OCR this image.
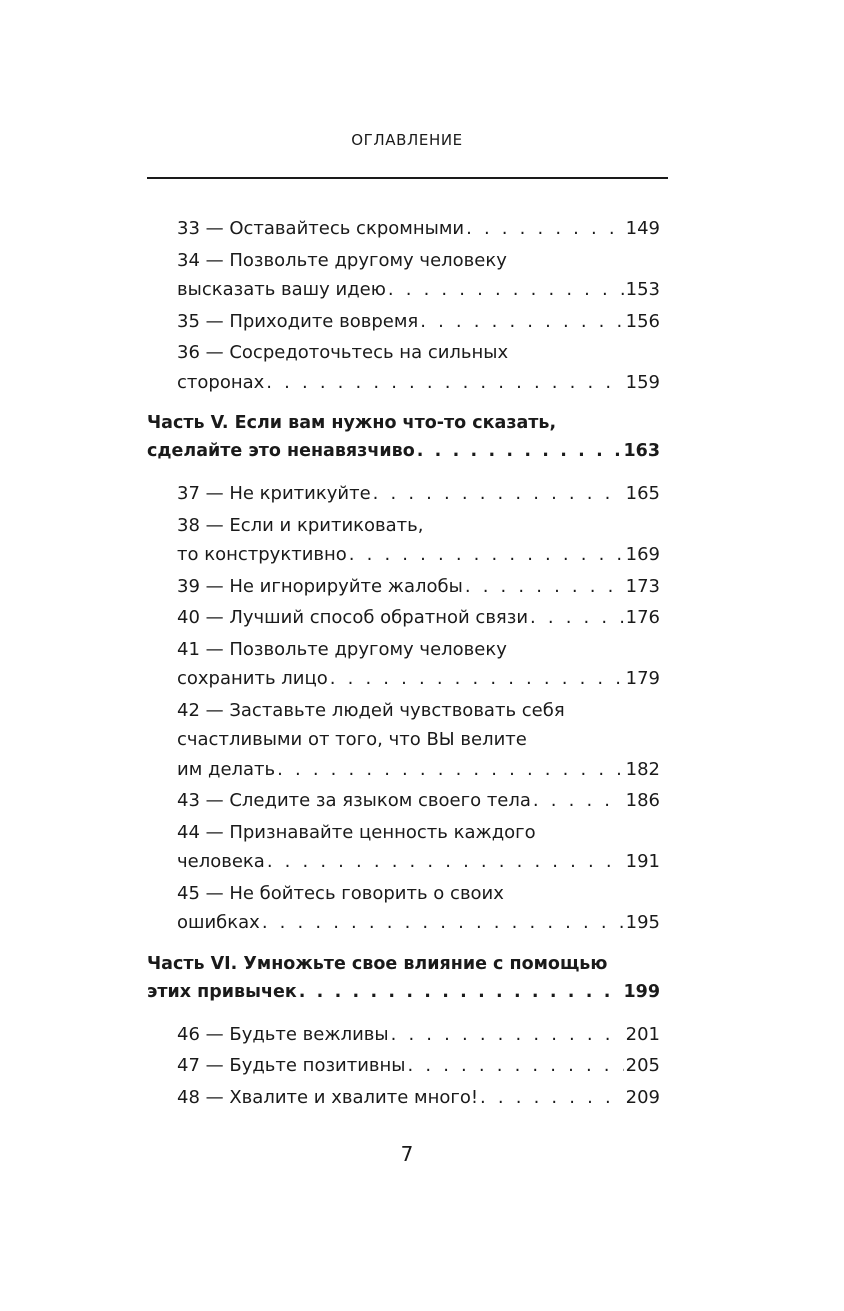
ОГЛАВЛЕНИЕ
33 — Оставайтесь скромными . . .	149
34 — Позвольте другому человеку
высказать вашу идею . . .	153
35 — Приходите вовремя . . .	156
36 — Сосредоточьтесь на сильных
сторонах . . .	159
Часть V. Если вам нужно что-то сказать,
сделайте это ненавязчиво . . .	163
37 — Не критикуйте . . .	165
38 — Если и критиковать,
то конструктивно . . .	169
39 — Не игнорируйте жалобы . . .	173
40 — Лучший способ обратной связи . . .	176
41 — Позвольте другому человеку
сохранить лицо . . .	179
42 — Заставьте людей чувствовать себя
счастливыми от того, что ВЫ велите
им делать . . .	182
43 — Следите за языком своего тела . . .	186
44 — Признавайте ценность каждого
человека . . .	191
45 — Не бойтесь говорить о своих
ошибках . . .	195
Часть VI. Умножьте свое влияние с помощью
этих привычек . . .	199
46 — Будьте вежливы . . .	201
47 — Будьте позитивны . . .	205
48 — Хвалите и хвалите много! . . .	209
7
